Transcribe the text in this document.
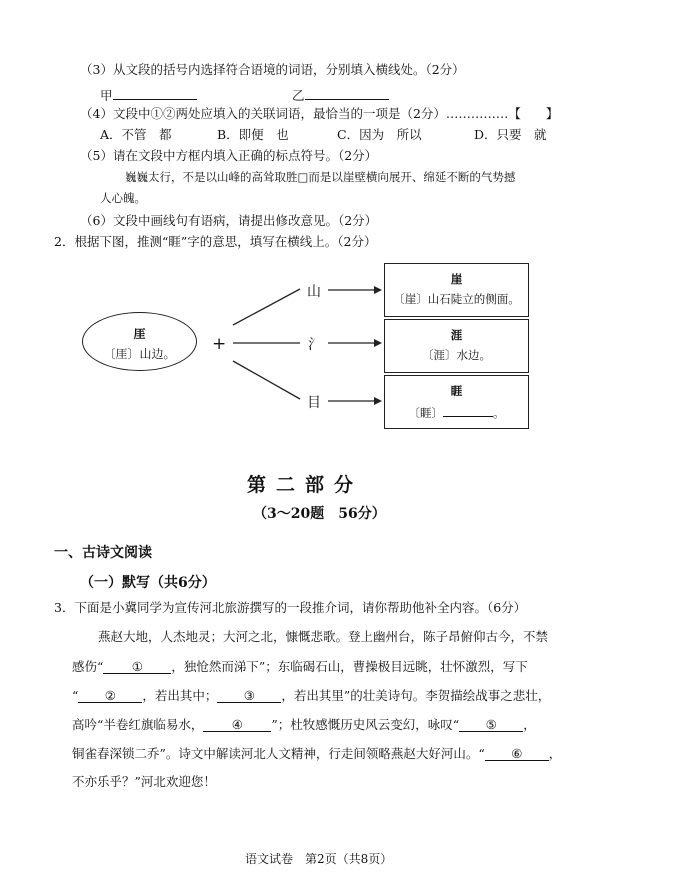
（3）从文段的括号内选择符合语境的词语，分别填入横线处。（2分）
甲	乙
（4）文段中①②两处应填入的关联词语，最恰当的一项是（2分）……………【　　】
A．不管　都	B．即便　也	C．因为　所以	D．只要　就
（5）请在文段中方框内填入正确的标点符号。（2分）
巍巍太行，不是以山峰的高耸取胜□而是以崖壁横向展开、绵延不断的气势撼
人心魄。
（6）文段中画线句有语病，请提出修改意见。（2分）
2．根据下图，推测“睚”字的意思，填写在横线上。（2分）
厓
〔厓〕山边。	+
山
氵
目
崖
〔崖〕山石陡立的侧面。
涯
〔涯〕水边。
睚
〔睚〕	。
第二部分
（3～20题　56分）
一、古诗文阅读
（一）默写（共6分）
3．下面是小冀同学为宣传河北旅游撰写的一段推介词，请你帮助他补全内容。（6分）
燕赵大地，人杰地灵；大河之北，慷慨悲歌。登上幽州台，陈子昂俯仰古今，不禁
感伤“ ① ，独怆然而涕下”；东临碣石山，曹操极目远眺，壮怀激烈，写下
“ ② ，若出其中； ③ ，若出其里”的壮美诗句。李贺描绘战事之悲壮，
高吟“半卷红旗临易水， ④ ”；杜牧感慨历史风云变幻，咏叹“ ⑤ ，
铜雀春深锁二乔”。诗文中解读河北人文精神，行走间领略燕赵大好河山。“ ⑥ ，
不亦乐乎？”河北欢迎您！
语文试卷　第2页（共8页）
